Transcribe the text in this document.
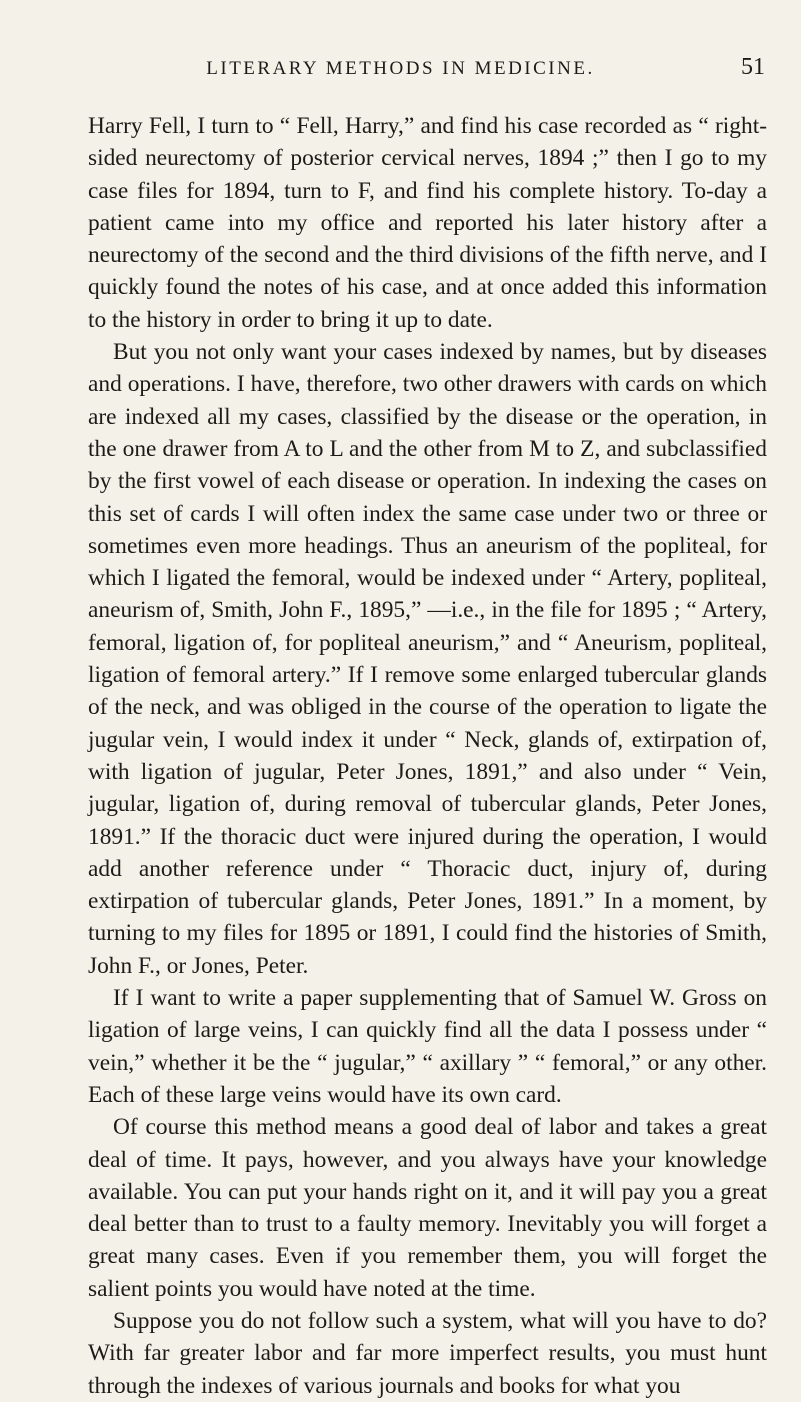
LITERARY METHODS IN MEDICINE.	51

Harry Fell, I turn to “ Fell, Harry,” and find his case recorded as “ right-sided neurectomy of posterior cervical nerves, 1894 ;” then I go to my case files for 1894, turn to F, and find his complete history. To-day a patient came into my office and reported his later history after a neurectomy of the second and the third divisions of the fifth nerve, and I quickly found the notes of his case, and at once added this information to the history in order to bring it up to date.

But you not only want your cases indexed by names, but by diseases and operations. I have, therefore, two other drawers with cards on which are indexed all my cases, classified by the disease or the operation, in the one drawer from A to L and the other from M to Z, and subclassified by the first vowel of each disease or operation. In indexing the cases on this set of cards I will often index the same case under two or three or sometimes even more headings. Thus an aneurism of the popliteal, for which I ligated the femoral, would be indexed under “ Artery, popliteal, aneurism of, Smith, John F., 1895,” —i.e., in the file for 1895 ; “ Artery, femoral, ligation of, for popliteal aneurism,” and “ Aneurism, popliteal, ligation of femoral artery.” If I remove some enlarged tubercular glands of the neck, and was obliged in the course of the operation to ligate the jugular vein, I would index it under “ Neck, glands of, extirpation of, with ligation of jugular, Peter Jones, 1891,” and also under “ Vein, jugular, ligation of, during removal of tubercular glands, Peter Jones, 1891.” If the thoracic duct were injured during the operation, I would add another reference under “ Thoracic duct, injury of, during extirpation of tubercular glands, Peter Jones, 1891.” In a moment, by turning to my files for 1895 or 1891, I could find the histories of Smith, John F., or Jones, Peter.

If I want to write a paper supplementing that of Samuel W. Gross on ligation of large veins, I can quickly find all the data I possess under “ vein,” whether it be the “ jugular,” “ axillary ” “ femoral,” or any other. Each of these large veins would have its own card.

Of course this method means a good deal of labor and takes a great deal of time. It pays, however, and you always have your knowledge available. You can put your hands right on it, and it will pay you a great deal better than to trust to a faulty memory. Inevitably you will forget a great many cases. Even if you remember them, you will forget the salient points you would have noted at the time.

Suppose you do not follow such a system, what will you have to do? With far greater labor and far more imperfect results, you must hunt through the indexes of various journals and books for what you
